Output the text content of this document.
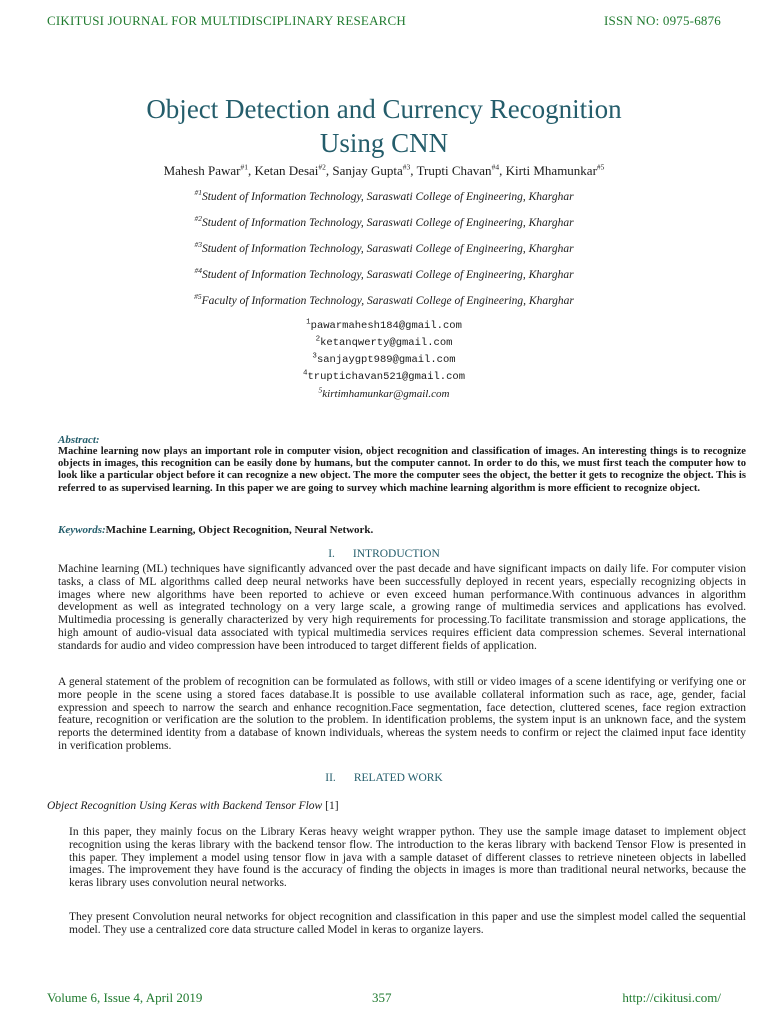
CIKITUSI JOURNAL FOR MULTIDISCIPLINARY RESEARCH	ISSN NO: 0975-6876
Object Detection and Currency Recognition
Using CNN
Mahesh Pawar$^{\#1}$, Ketan Desai$^{\#2}$, Sanjay Gupta$^{\#3}$, Trupti Chavan$^{\#4}$, Kirti Mhamunkar$^{\#5}$
$^{\#1}$Student of Information Technology, Saraswati College of Engineering, Kharghar
$^{\#2}$Student of Information Technology, Saraswati College of Engineering, Kharghar
$^{\#3}$Student of Information Technology, Saraswati College of Engineering, Kharghar
$^{\#4}$Student of Information Technology, Saraswati College of Engineering, Kharghar
$^{\#5}$Faculty of Information Technology, Saraswati College of Engineering, Kharghar
$^1$pawarmahesh184@gmail.com
$^2$ketanqwerty@gmail.com
$^3$sanjaygpt989@gmail.com
$^4$truptichavan521@gmail.com
$^5$kirtimhamunkar@gmail.com
Abstract:
Machine learning now plays an important role in computer vision, object recognition and classification of images. An interesting things is to recognize objects in images, this recognition can be easily done by humans, but the computer cannot. In order to do this, we must first teach the computer how to look like a particular object before it can recognize a new object. The more the computer sees the object, the better it gets to recognize the object. This is referred to as supervised learning. In this paper we are going to survey which machine learning algorithm is more efficient to recognize object.
Keywords:Machine Learning, Object Recognition, Neural Network.
I. INTRODUCTION
Machine learning (ML) techniques have significantly advanced over the past decade and have significant impacts on daily life. For computer vision tasks, a class of ML algorithms called deep neural networks have been successfully deployed in recent years, especially recognizing objects in images where new algorithms have been reported to achieve or even exceed human performance.With continuous advances in algorithm development as well as integrated technology on a very large scale, a growing range of multimedia services and applications has evolved. Multimedia processing is generally characterized by very high requirements for processing.To facilitate transmission and storage applications, the high amount of audio-visual data associated with typical multimedia services requires efficient data compression schemes. Several international standards for audio and video compression have been introduced to target different fields of application.
A general statement of the problem of recognition can be formulated as follows, with still or video images of a scene identifying or verifying one or more people in the scene using a stored faces database.It is possible to use available collateral information such as race, age, gender, facial expression and speech to narrow the search and enhance recognition.Face segmentation, face detection, cluttered scenes, face region extraction feature, recognition or verification are the solution to the problem. In identification problems, the system input is an unknown face, and the system reports the determined identity from a database of known individuals, whereas the system needs to confirm or reject the claimed input face identity in verification problems.
II. RELATED WORK
Object Recognition Using Keras with Backend Tensor Flow [1]
In this paper, they mainly focus on the Library Keras heavy weight wrapper python. They use the sample image dataset to implement object recognition using the keras library with the backend tensor flow. The introduction to the keras library with backend Tensor Flow is presented in this paper. They implement a model using tensor flow in java with a sample dataset of different classes to retrieve nineteen objects in labelled images. The improvement they have found is the accuracy of finding the objects in images is more than traditional neural networks, because the keras library uses convolution neural networks.
They present Convolution neural networks for object recognition and classification in this paper and use the simplest model called the sequential model. They use a centralized core data structure called Model in keras to organize layers.
Volume 6, Issue 4, April 2019	357	http://cikitusi.com/
